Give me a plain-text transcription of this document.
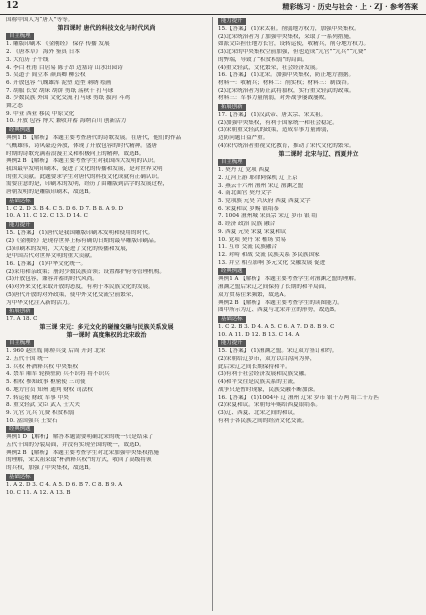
12	精彩练习 · 历史与社会 · 上 · ZJ · 参考答案
国称中国人为“唐人”等等。
第四课时 唐代的科技文化与时代风尚
自主梳理
1. 雕版印刷术 《金刚经》 保存 传播 发展
2. 《唐本草》 海外 鉴真 日本
3. 大衍历 子午线
4. 李白 杜甫 白居易 陈子昂 边塞诗 山水田园诗
5. 吴道子 阎立本 颜真卿 柳公权
6. 开放包容 气魄雄浑 泥塑 造型 刺绣 绘画
7. 胡服 长安 胡床 胡饼 剪纸 荡秋千 打马球
8. 少数民族 外国 文化交流 打马球 剪纸 拔河 斗鸡
舞之态
9. 中亚 西亚 移民 中原文化
10. 开放 包容 博大 兼收并蓄 海纳百川 创新活力
经典例题
典例1 B 【解析】 本题主要考查唐代的诗歌发展。在唐代，他们的作品
气概雄伟，诗风豪迈奔放，体现了开放包容的时代精神。盛唐
时期的诗歌充满着浪漫主义和积极向上的精神，故选B。
典例2 B 【解析】 本题主要考查学生对我国四大发明的认识。
我国最早发明印刷术，促进了文化的传播和发展，是对世界文明
的重大贡献。此题要求学生对唐代的科技文化成就有正确认识。
需要注意的是，印刷术的发明，经历了由雕版到活字的发展过程，
唐朝发明的是雕版印刷术，故选B。
基础达标
1. C 2. D 3. B 4. C 5. D 6. D 7. B 8. A 9. D
10. A 11. C 12. C 13. D 14. C
能力提升
15.【答案】 (1)唐代是我国雕版印刷术发明和使用的时代。
(2)《金刚经》是现存世界上标有确切日期的最早雕版印刷品。
(3)印刷术的发明，大大促进了文化的传播和发展，
是中国古代对世界文明的重大贡献。
16.【答案】 (1)中华文化统一。
(2)采用和亲政策；册封少数民族首领；设置都护府等管理机构。
(3)开放包容，兼容并蓄的时代风尚。
(4)对外来文化采取开放的态度，有利于本民族文化的发展。
(5)唐代开放的对外政策，使中外文化交流空前繁荣，
为中华文化注入新的活力。
拓展创新
17. A 18. C
第三课 宋元：多元文化的碰撞交融与民族关系发展
第一课时 高度集权的北宋政治
自主梳理
1. 960 赵匡胤 陈桥兵变 后周 开封 北宋
2. 五代十国 统一
3. 兵权 杯酒释兵权 中央集权
4. 禁军 厢军 轮换驻防 兵不识将 将不识兵
5. 相权 参知政事 枢密使 三司使
6. 地方官员 知州 通判 财权 司法权
7. 转运使 财政 军事 中央
8. 重文轻武 文臣 武人 士大夫
9. 冗官 冗兵 冗费 积贫积弱
10. 富国强兵 王安石
经典例题
典例1 D 【解析】 解答本题需要明确北宋的统一只是结束了
五代十国的分裂局面，并没有实现全国的统一，故选D。
典例2 B 【解析】 本题主要考查学生对北宋加强中央集权措施
的理解，宋太祖采取“杯酒释兵权”的方式，收回了高级将领
的兵权，加强了中央集权，故选B。
基础达标
1. A 2. D 3. C 4. A 5. D 6. B 7. C 8. B 9. A
10. C 11. A 12. A 13. B
能力提升
15.【答案】 (1)宋太祖。削弱地方权力，加强中央集权。
(2)北宋统治者为了加强中央集权，采取了一系列措施，
如派文臣担任地方长官，设转运使，收精兵，削夺地方权力。
(3)北宋的中央集权空前加强，但也造成“冗官”“冗兵”“冗费”
的弊端，导致了“积贫积弱”的局面。
(4)重文轻武，文化繁荣，社会经济发展。
16.【答案】 (1)北宋。加强中央集权，防止地方割据。
材料一：收精兵；材料二：削实权；材料三：制钱谷。
(2)北宋统治者为防止武将篡权，实行重文轻武的政策。
材料三：军事力量削弱，对外战争屡战屡败。
拓展创新
17.【答案】 (1)汉武帝、唐太宗、宋太祖。
(2)加强中央集权，有利于国家统一和社会稳定。
(3)宋朝重文轻武的政策，造成军事力量薄弱，
边防问题日益严重。
(4)宋代统治者重视文化教育，推动了宋代文化的繁荣。
第二课时 北宋与辽、西夏并立
自主梳理
1. 契丹 辽 党项 西夏
2. 辽河上游 耶律阿保机 辽 上京
3. 燕云十六州 澶州 宋辽 澶渊之盟
4. 南北面官 契丹文字
5. 党项族 元昊 兴庆府 西夏 西夏文字
6. 宋夏和议 岁赐 银绢茶
7. 1004 澶州城 宋真宗 宋辽 岁币 银 绢
8. 经济 政治 民族 融合
9. 西夏 元昊 宋夏 宋夏和议
10. 党项 契丹 宋 榷场 贸易
11. 互市 交流 民族融合
12. 对峙 和战 交流 民族关系 多民族国家
13. 并立 相互影响 多元文化 交融发展 促进
经典例题
典例1 A 【解析】 本题主要考查学生对澶渊之盟的理解。
澶渊之盟后宋辽之间保持了长期的和平局面，
双方贸易往来频繁，故选A。
典例2 B 【解析】 本题主要考查学生的读图能力。
图中所示为辽、西夏与北宋并立的形势，故选B。
基础达标
1. C 2. B 3. D 4. A 5. C 6. A 7. D 8. B 9. C
10. A 11. D 12. B 13. C 14. A
能力提升
15.【答案】 (1)澶渊之盟。宋辽双方签订和约。
(2)宋朝给辽岁币，双方以白沟河为界，
此后宋辽之间长期保持和平。
(3)有利于社会经济发展和民族交融。
(4)和平交往是民族关系的主流，
战争只是暂时现象，民族交融不断加深。
16.【答案】 (1)1004年 辽 澶州 辽宋 岁币 银十万两 绢二十万匹
(2)宋夏和议。宋朝每年赐给西夏银绢茶。
(3)辽、西夏、北宋之间的和议，
有利于各民族之间的经济文化交流。
